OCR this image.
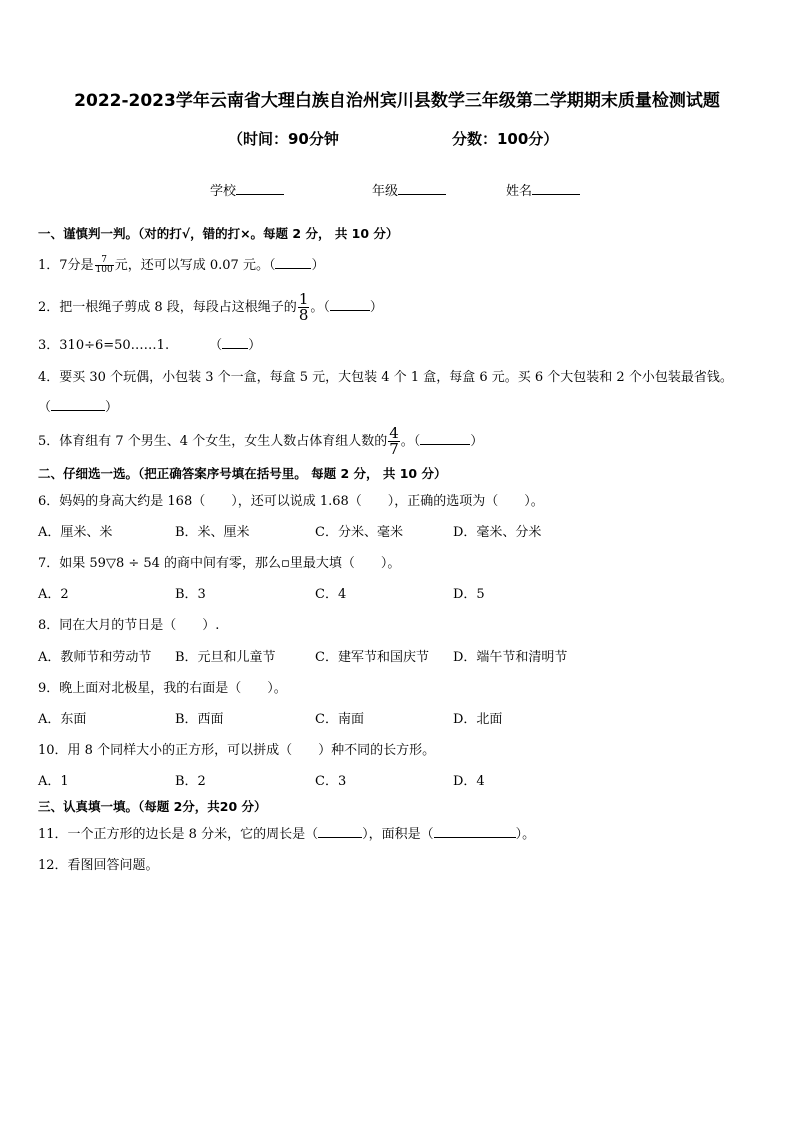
2022-2023学年云南省大理白族自治州宾川县数学三年级第二学期期末质量检测试题
（时间：90分钟	分数：100分）
学校	年级	姓名
一、谨慎判一判。（对的打√，错的打×。每题 2 分， 共 10 分）
1．7分是 $\frac{7}{100}$ 元，还可以写成 0.07 元。（	）
2．把一根绳子剪成 8 段，每段占这根绳子的 $\frac{1}{8}$ 。（	）
3．310÷6=50……1.	（ ）
4．要买 30 个玩偶，小包装 3 个一盒，每盒 5 元，大包装 4 个 1 盒，每盒 6 元。买 6 个大包装和 2 个小包装最省钱。
（	）
5．体育组有 7 个男生、4 个女生，女生人数占体育组人数的 $\frac{4}{7}$ 。（	）
二、仔细选一选。（把正确答案序号填在括号里。 每题 2 分， 共 10 分）
6．妈妈的身高大约是 168（　　），还可以说成 1.68（　　），正确的选项为（　　）。
A．厘米、米	B．米、厘米	C．分米、毫米	D．毫米、分米
7．如果 59▽8 ÷ 54 的商中间有零，那么▫里最大填（　　）。
A．2	B．3	C．4	D．5
8．同在大月的节日是（　　）.
A．教师节和劳动节 B．元旦和儿童节	C．建军节和国庆节 D．端午节和清明节
9．晚上面对北极星，我的右面是（　　）。
A．东面	B．西面	C．南面	D．北面
10．用 8 个同样大小的正方形，可以拼成（　　）种不同的长方形。
A．1	B．2	C．3	D．4
三、认真填一填。（每题 2分，共20 分）
11．一个正方形的边长是 8 分米，它的周长是（	），面积是（	）。
12．看图回答问题。
